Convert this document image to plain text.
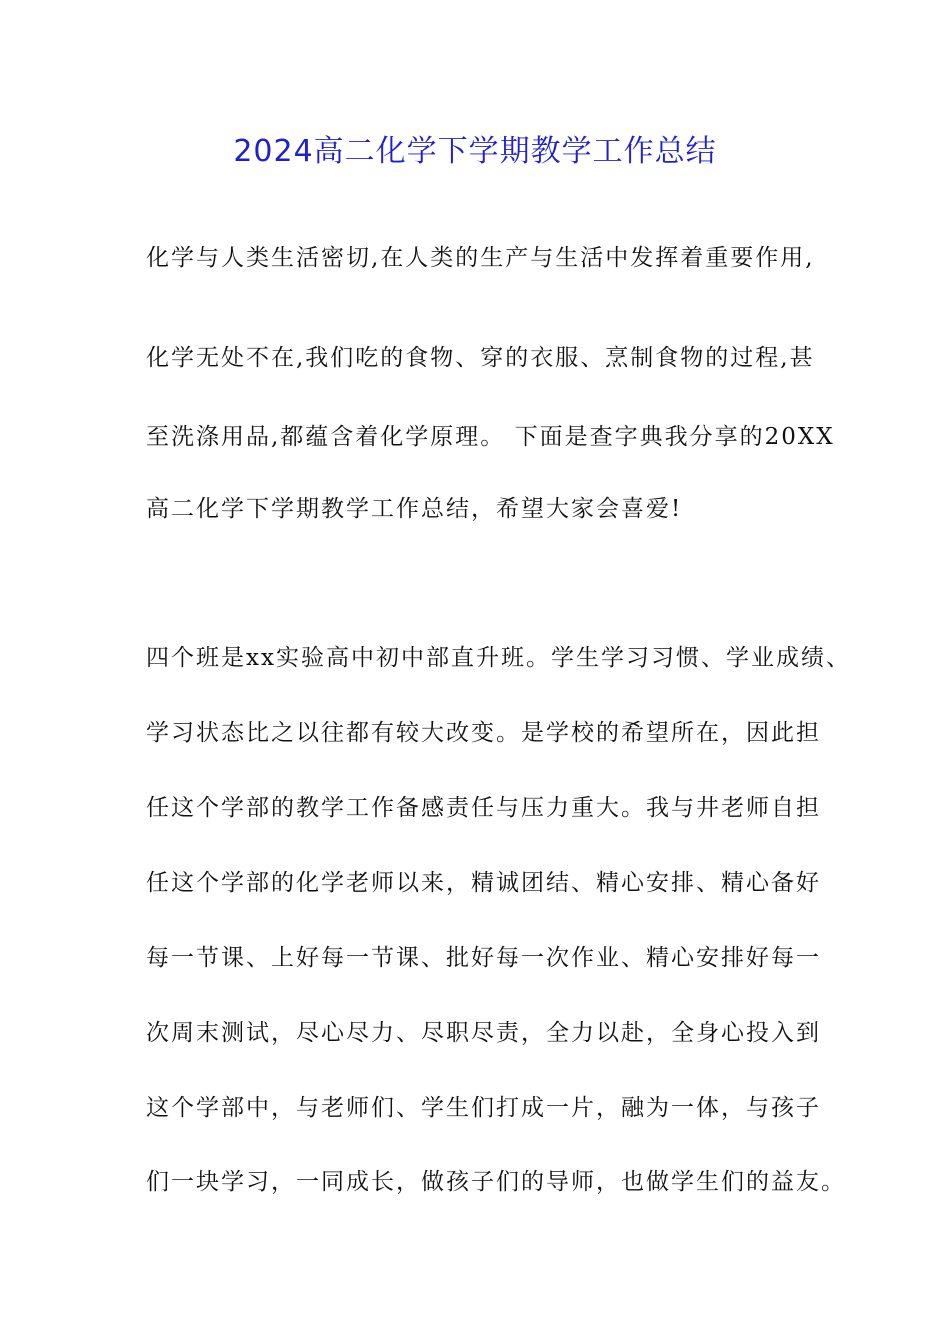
2024高二化学下学期教学工作总结
化学与人类生活密切,在人类的生产与生活中发挥着重要作用,
化学无处不在,我们吃的食物、穿的衣服、烹制食物的过程,甚
至洗涤用品,都蕴含着化学原理。 下面是查字典我分享的20XX
高二化学下学期教学工作总结，希望大家会喜爱!
四个班是xx实验高中初中部直升班。学生学习习惯、学业成绩、
学习状态比之以往都有较大改变。是学校的希望所在，因此担
任这个学部的教学工作备感责任与压力重大。我与井老师自担
任这个学部的化学老师以来，精诚团结、精心安排、精心备好
每一节课、上好每一节课、批好每一次作业、精心安排好每一
次周末测试，尽心尽力、尽职尽责，全力以赴，全身心投入到
这个学部中，与老师们、学生们打成一片，融为一体，与孩子
们一块学习，一同成长，做孩子们的导师，也做学生们的益友。
